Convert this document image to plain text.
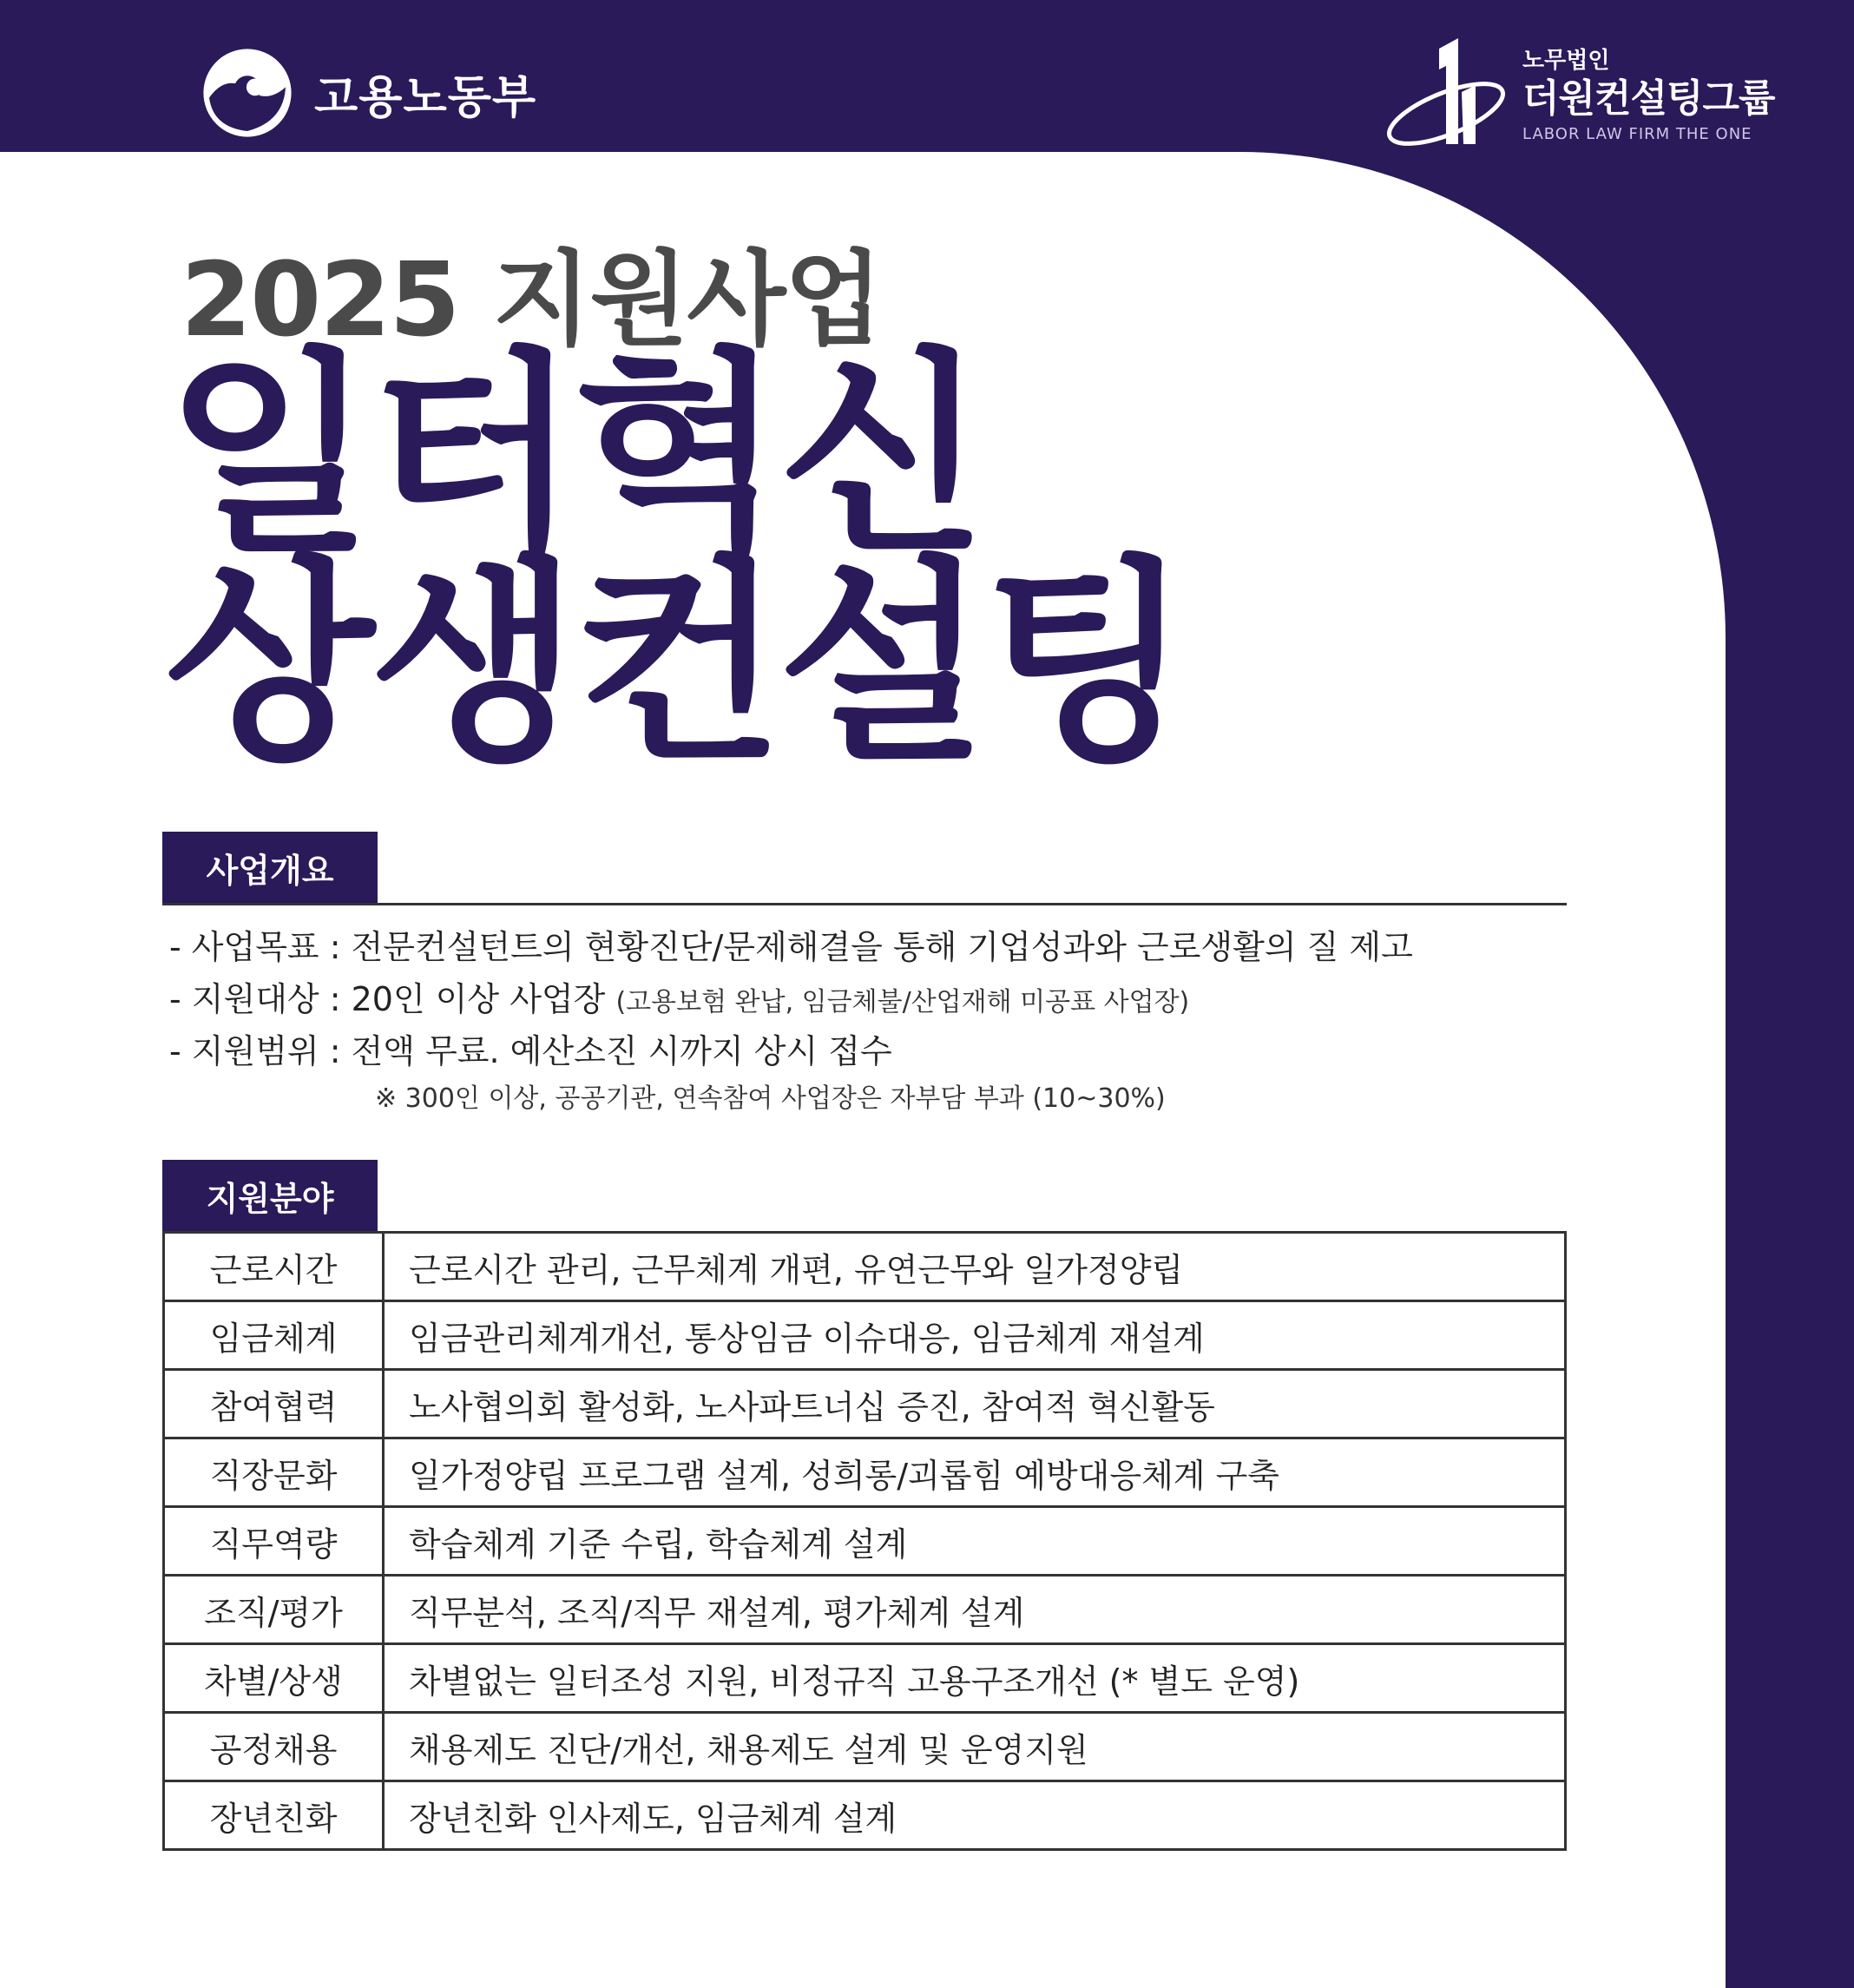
고용노동부
노무법인
더원컨설팅그룹
LABOR LAW FIRM THE ONE
2025 지원사업
일터혁신
상생컨설팅
사업개요
- 사업목표 : 전문컨설턴트의 현황진단/문제해결을 통해 기업성과와 근로생활의 질 제고
- 지원대상 : 20인 이상 사업장 (고용보험 완납, 임금체불/산업재해 미공표 사업장)
- 지원범위 : 전액 무료. 예산소진 시까지 상시 접수
※ 300인 이상, 공공기관, 연속참여 사업장은 자부담 부과 (10~30%)
지원분야
근로시간	근로시간 관리, 근무체계 개편, 유연근무와 일가정양립
임금체계	임금관리체계개선, 통상임금 이슈대응, 임금체계 재설계
참여협력	노사협의회 활성화, 노사파트너십 증진, 참여적 혁신활동
직장문화	일가정양립 프로그램 설계, 성희롱/괴롭힘 예방대응체계 구축
직무역량	학습체계 기준 수립, 학습체계 설계
조직/평가	직무분석, 조직/직무 재설계, 평가체계 설계
차별/상생	차별없는 일터조성 지원, 비정규직 고용구조개선 (* 별도 운영)
공정채용	채용제도 진단/개선, 채용제도 설계 및 운영지원
장년친화	장년친화 인사제도, 임금체계 설계
